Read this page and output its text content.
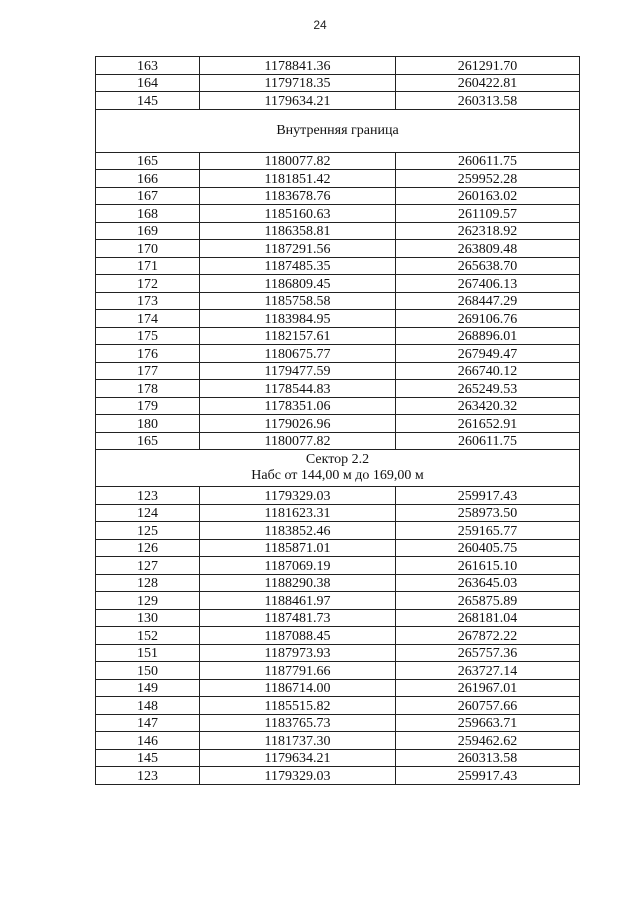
24
163	1178841.36	261291.70
164	1179718.35	260422.81
145	1179634.21	260313.58
Внутренняя граница		
165	1180077.82	260611.75
166	1181851.42	259952.28
167	1183678.76	260163.02
168	1185160.63	261109.57
169	1186358.81	262318.92
170	1187291.56	263809.48
171	1187485.35	265638.70
172	1186809.45	267406.13
173	1185758.58	268447.29
174	1183984.95	269106.76
175	1182157.61	268896.01
176	1180675.77	267949.47
177	1179477.59	266740.12
178	1178544.83	265249.53
179	1178351.06	263420.32
180	1179026.96	261652.91
165	1180077.82	260611.75

Сектор 2.2
Набс от 144,00 м до 169,00 м		

123	1179329.03	259917.43
124	1181623.31	258973.50
125	1183852.46	259165.77
126	1185871.01	260405.75
127	1187069.19	261615.10
128	1188290.38	263645.03
129	1188461.97	265875.89
130	1187481.73	268181.04
152	1187088.45	267872.22
151	1187973.93	265757.36
150	1187791.66	263727.14
149	1186714.00	261967.01
148	1185515.82	260757.66
147	1183765.73	259663.71
146	1181737.30	259462.62
145	1179634.21	260313.58
123	1179329.03	259917.43
